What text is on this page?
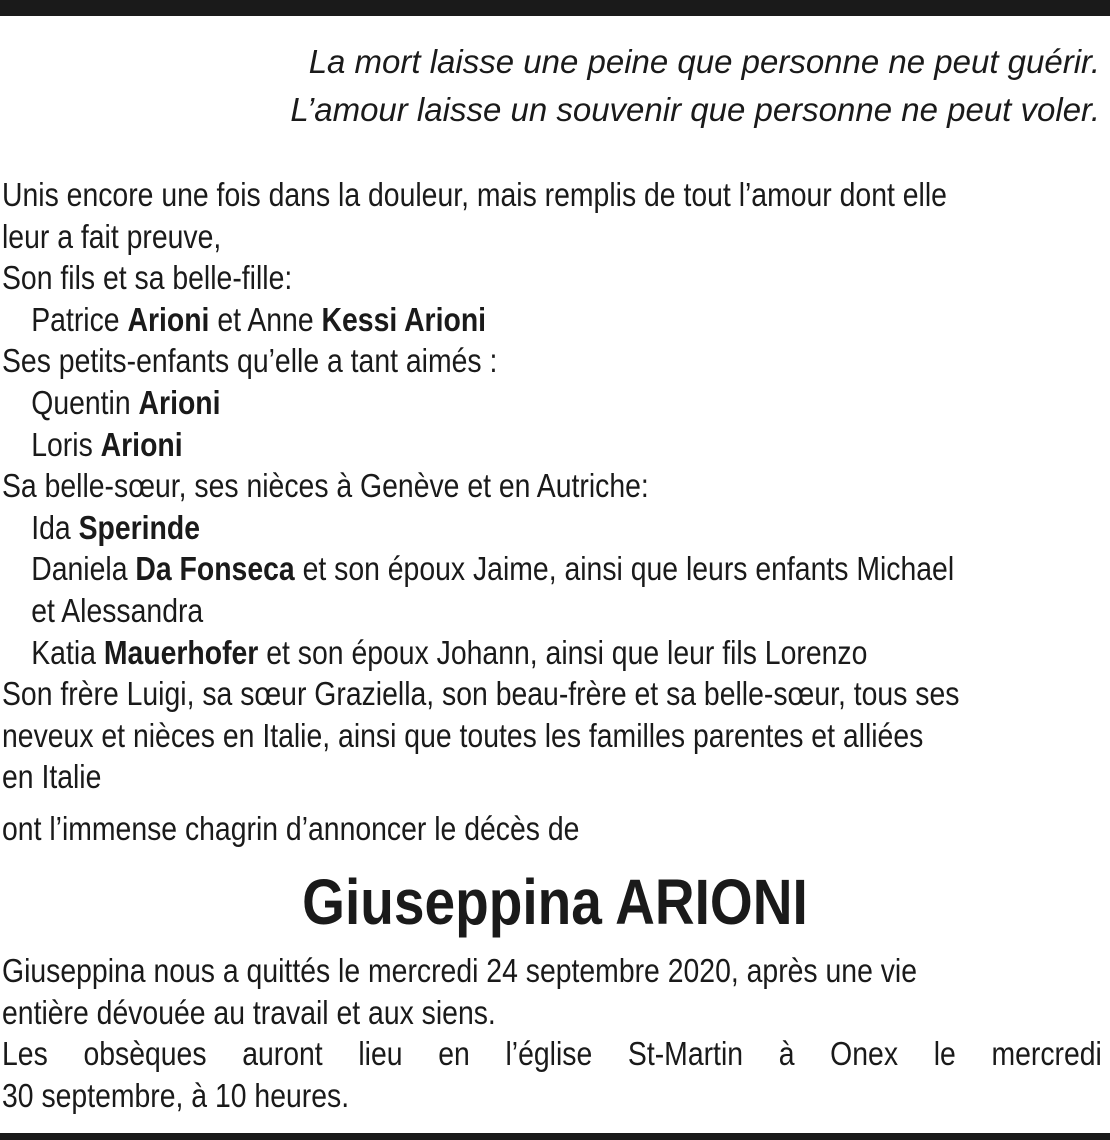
La mort laisse une peine que personne ne peut guérir.
L’amour laisse un souvenir que personne ne peut voler.
Unis encore une fois dans la douleur, mais remplis de tout l’amour dont elle
leur a fait preuve,
Son fils et sa belle-fille:
Patrice Arioni et Anne Kessi Arioni
Ses petits-enfants qu’elle a tant aimés :
Quentin Arioni
Loris Arioni
Sa belle-sœur, ses nièces à Genève et en Autriche:
Ida Sperinde
Daniela Da Fonseca et son époux Jaime, ainsi que leurs enfants Michael
et Alessandra
Katia Mauerhofer et son époux Johann, ainsi que leur fils Lorenzo
Son frère Luigi, sa sœur Graziella, son beau-frère et sa belle-sœur, tous ses
neveux et nièces en Italie, ainsi que toutes les familles parentes et alliées
en Italie
ont l’immense chagrin d’annoncer le décès de
Giuseppina ARIONI
Giuseppina nous a quittés le mercredi 24 septembre 2020, après une vie
entière dévouée au travail et aux siens.
Les obsèques auront lieu en l’église St-Martin à Onex le mercredi
30 septembre, à 10 heures.
